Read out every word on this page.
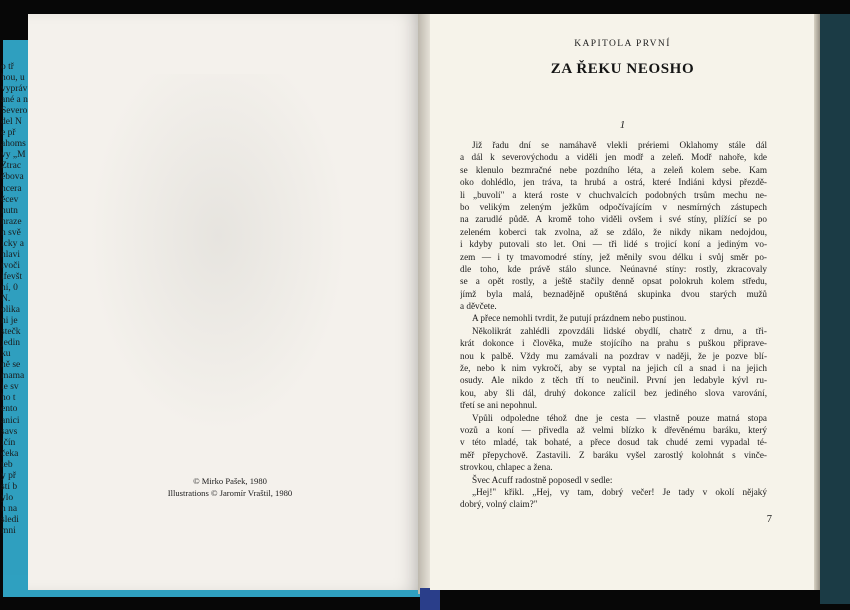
o tř
hou, u
vypráv
ané a n
Severo
del N
e př
ahoms
vy „M
Ztrac
ěbova
ncera
ěcev
nutn
hraze
n svě
icky a
hlavi
tvoči
ifevšt
ní, 0
N.
olika
ni je
stečk
jedin
ku
ně se
mama
ie sv
ho t
ento
anici
savs
ičín
čeka
teb
y př
stí b
ylo
n na
sledi
mni
© Mirko Pašek, 1980
Illustrations © Jaromír Vraštil, 1980
KAPITOLA PRVNÍ
ZA ŘEKU NEOSHO
1
Již řadu dní se namáhavě vlekli prériemi Oklahomy stále dál
a dál k severovýchodu a viděli jen modř a zeleň. Modř nahoře, kde
se klenulo bezmračné nebe pozdního léta, a zeleň kolem sebe. Kam
oko dohlédlo, jen tráva, ta hrubá a ostrá, které Indiáni kdysi přezdě-
li „buvolí" a která roste v chuchvalcích podobných trsům mechu ne-
bo velikým zeleným ježkům odpočívajícím v nesmírných zástupech
na zarudlé půdě. A kromě toho viděli ovšem i své stíny, plížící se po
zeleném koberci tak zvolna, až se zdálo, že nikdy nikam nedojdou,
i kdyby putovali sto let. Oni — tři lidé s trojicí koní a jediným vo-
zem — i ty tmavomodré stíny, jež měnily svou délku i svůj směr po-
dle toho, kde právě stálo slunce. Neúnavné stíny: rostly, zkracovaly
se a opět rostly, a ještě stačily denně opsat polokruh kolem středu,
jímž byla malá, beznadějně opuštěná skupinka dvou starých mužů
a děvčete.
A přece nemohli tvrdit, že putují prázdnem nebo pustinou.
Několikrát zahlédli zpovzdáli lidské obydlí, chatrč z drnu, a tři-
krát dokonce i člověka, muže stojícího na prahu s puškou připrave-
nou k palbě. Vždy mu zamávali na pozdrav v naději, že je pozve blí-
že, nebo k nim vykročí, aby se vyptal na jejich cíl a snad i na jejich
osudy. Ale nikdo z těch tří to neučinil. První jen ledabyle kývl ru-
kou, aby šli dál, druhý dokonce zalícil bez jediného slova varování,
třetí se ani nepohnul.
Vpůli odpoledne téhož dne je cesta — vlastně pouze matná stopa
vozů a koní — přivedla až velmi blízko k dřevěnému baráku, který
v této mladé, tak bohaté, a přece dosud tak chudé zemi vypadal té-
měř přepychově. Zastavili. Z baráku vyšel zarostlý kolohnát s vinče-
strovkou, chlapec a žena.
Švec Acuff radostně poposedl v sedle:
„Hej!" křikl. „Hej, vy tam, dobrý večer! Je tady v okolí nějaký
dobrý, volný claim?"
7
